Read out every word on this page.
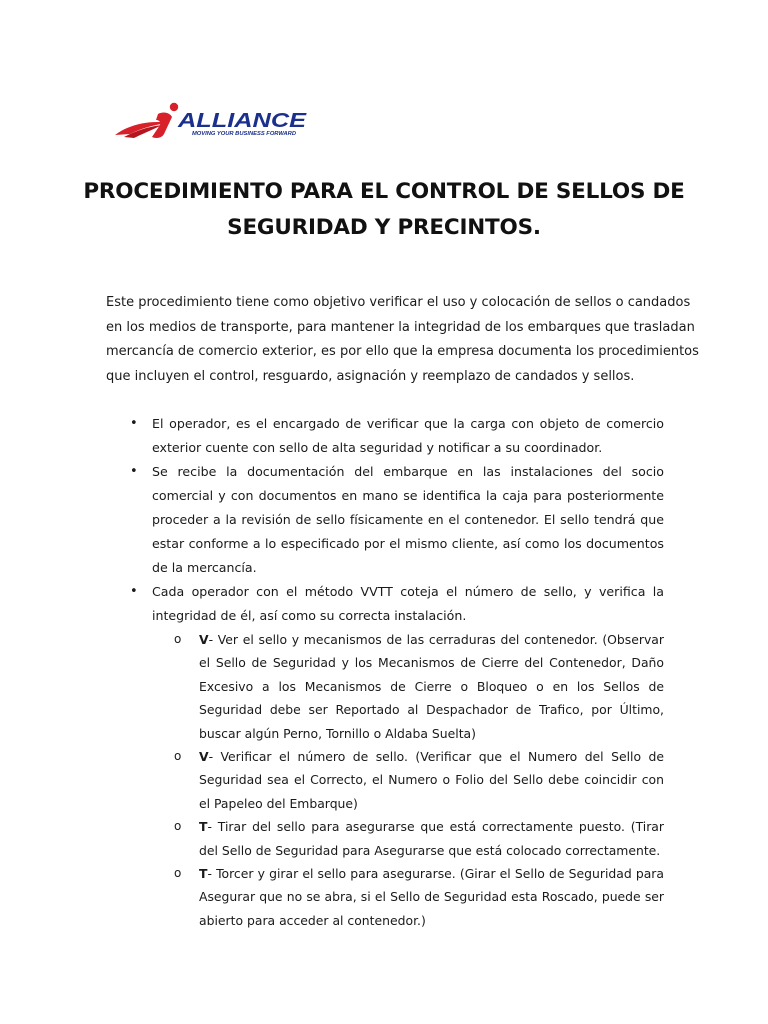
ALLIANCE
MOVING YOUR BUSINESS FORWARD
PROCEDIMIENTO PARA EL CONTROL DE SELLOS DE
SEGURIDAD Y PRECINTOS.

Este procedimiento tiene como objetivo verificar el uso y colocación de sellos o candados
en los medios de transporte, para mantener la integridad de los embarques que trasladan
mercancía de comercio exterior, es por ello que la empresa documenta los procedimientos
que incluyen el control, resguardo, asignación y reemplazo de candados y sellos.

• El operador, es el encargado de verificar que la carga con objeto de comercio exterior cuente con sello de alta seguridad y notificar a su coordinador.

• Se recibe la documentación del embarque en las instalaciones del socio comercial y con documentos en mano se identifica la caja para posteriormente proceder a la revisión de sello físicamente en el contenedor. El sello tendrá que estar conforme a lo especificado por el mismo cliente, así como los documentos de la mercancía.

• Cada operador con el método VVTT coteja el número de sello, y verifica la integridad de él, así como su correcta instalación.

o V- Ver el sello y mecanismos de las cerraduras del contenedor. (Observar el Sello de Seguridad y los Mecanismos de Cierre del Contenedor, Daño Excesivo a los Mecanismos de Cierre o Bloqueo o en los Sellos de Seguridad debe ser Reportado al Despachador de Trafico, por Último, buscar algún Perno, Tornillo o Aldaba Suelta)

o V- Verificar el número de sello. (Verificar que el Numero del Sello de Seguridad sea el Correcto, el Numero o Folio del Sello debe coincidir con el Papeleo del Embarque)

o T- Tirar del sello para asegurarse que está correctamente puesto. (Tirar del Sello de Seguridad para Asegurarse que está colocado correctamente.

o T- Torcer y girar el sello para asegurarse. (Girar el Sello de Seguridad para Asegurar que no se abra, si el Sello de Seguridad esta Roscado, puede ser abierto para acceder al contenedor.)
